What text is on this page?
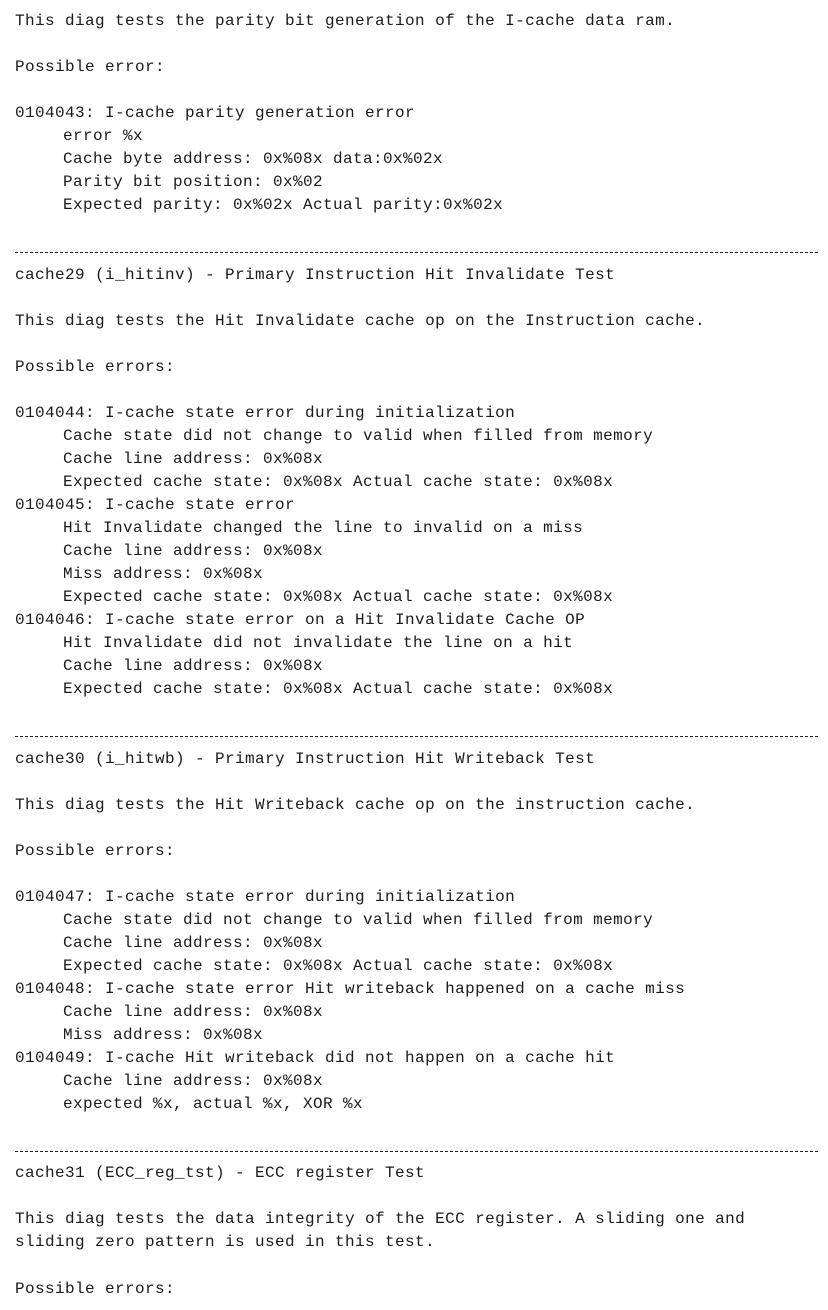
This diag tests the parity bit generation of the I-cache data ram.
Possible error:
0104043: I-cache parity generation error
error %x
Cache byte address: 0x%08x data:0x%02x
Parity bit position: 0x%02
Expected parity: 0x%02x Actual parity:0x%02x
cache29 (i_hitinv) - Primary Instruction Hit Invalidate Test
This diag tests the Hit Invalidate cache op on the Instruction cache.
Possible errors:
0104044: I-cache state error during initialization
Cache state did not change to valid when filled from memory
Cache line address: 0x%08x
Expected cache state: 0x%08x Actual cache state: 0x%08x
0104045: I-cache state error
Hit Invalidate changed the line to invalid on a miss
Cache line address: 0x%08x
Miss address: 0x%08x
Expected cache state: 0x%08x Actual cache state: 0x%08x
0104046: I-cache state error on a Hit Invalidate Cache OP
Hit Invalidate did not invalidate the line on a hit
Cache line address: 0x%08x
Expected cache state: 0x%08x Actual cache state: 0x%08x
cache30 (i_hitwb) - Primary Instruction Hit Writeback Test
This diag tests the Hit Writeback cache op on the instruction cache.
Possible errors:
0104047: I-cache state error during initialization
Cache state did not change to valid when filled from memory
Cache line address: 0x%08x
Expected cache state: 0x%08x Actual cache state: 0x%08x
0104048: I-cache state error Hit writeback happened on a cache miss
Cache line address: 0x%08x
Miss address: 0x%08x
0104049: I-cache Hit writeback did not happen on a cache hit
Cache line address: 0x%08x
expected %x, actual %x, XOR %x
cache31 (ECC_reg_tst) - ECC register Test
This diag tests the data integrity of the ECC register. A sliding one and
sliding zero pattern is used in this test.
Possible errors:
